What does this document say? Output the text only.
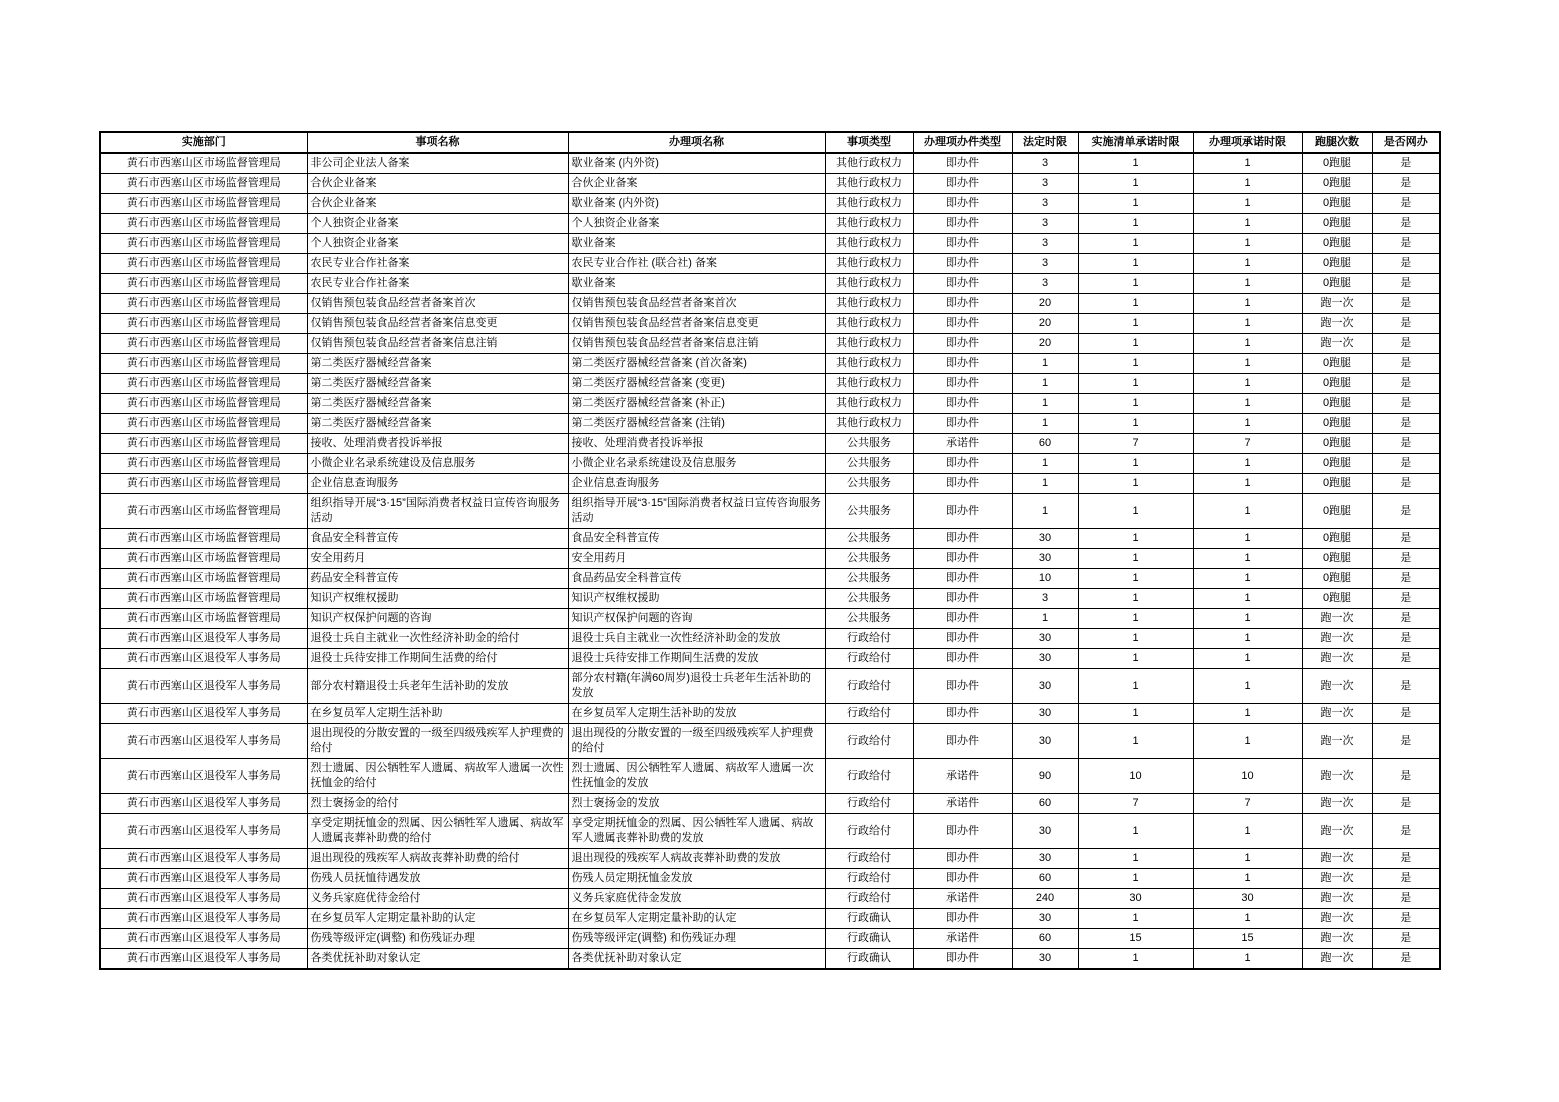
实施部门	事项名称	办理项名称	事项类型	办理项办件类型	法定时限	实施清单承诺时限	办理项承诺时限	跑腿次数	是否网办
黄石市西塞山区市场监督管理局	非公司企业法人备案	歇业备案 (内外资)	其他行政权力	即办件	3	1	1	0跑腿	是
黄石市西塞山区市场监督管理局	合伙企业备案	合伙企业备案	其他行政权力	即办件	3	1	1	0跑腿	是
黄石市西塞山区市场监督管理局	合伙企业备案	歇业备案 (内外资)	其他行政权力	即办件	3	1	1	0跑腿	是
黄石市西塞山区市场监督管理局	个人独资企业备案	个人独资企业备案	其他行政权力	即办件	3	1	1	0跑腿	是
黄石市西塞山区市场监督管理局	个人独资企业备案	歇业备案	其他行政权力	即办件	3	1	1	0跑腿	是
黄石市西塞山区市场监督管理局	农民专业合作社备案	农民专业合作社 (联合社) 备案	其他行政权力	即办件	3	1	1	0跑腿	是
黄石市西塞山区市场监督管理局	农民专业合作社备案	歇业备案	其他行政权力	即办件	3	1	1	0跑腿	是
黄石市西塞山区市场监督管理局	仅销售预包装食品经营者备案首次	仅销售预包装食品经营者备案首次	其他行政权力	即办件	20	1	1	跑一次	是
黄石市西塞山区市场监督管理局	仅销售预包装食品经营者备案信息变更	仅销售预包装食品经营者备案信息变更	其他行政权力	即办件	20	1	1	跑一次	是
黄石市西塞山区市场监督管理局	仅销售预包装食品经营者备案信息注销	仅销售预包装食品经营者备案信息注销	其他行政权力	即办件	20	1	1	跑一次	是
黄石市西塞山区市场监督管理局	第二类医疗器械经营备案	第二类医疗器械经营备案 (首次备案)	其他行政权力	即办件	1	1	1	0跑腿	是
黄石市西塞山区市场监督管理局	第二类医疗器械经营备案	第二类医疗器械经营备案 (变更)	其他行政权力	即办件	1	1	1	0跑腿	是
黄石市西塞山区市场监督管理局	第二类医疗器械经营备案	第二类医疗器械经营备案 (补正)	其他行政权力	即办件	1	1	1	0跑腿	是
黄石市西塞山区市场监督管理局	第二类医疗器械经营备案	第二类医疗器械经营备案 (注销)	其他行政权力	即办件	1	1	1	0跑腿	是
黄石市西塞山区市场监督管理局	接收、处理消费者投诉举报	接收、处理消费者投诉举报	公共服务	承诺件	60	7	7	0跑腿	是
黄石市西塞山区市场监督管理局	小微企业名录系统建设及信息服务	小微企业名录系统建设及信息服务	公共服务	即办件	1	1	1	0跑腿	是
黄石市西塞山区市场监督管理局	企业信息查询服务	企业信息查询服务	公共服务	即办件	1	1	1	0跑腿	是
黄石市西塞山区市场监督管理局	组织指导开展“3·15”国际消费者权益日宣传咨询服务活动	组织指导开展“3·15”国际消费者权益日宣传咨询服务活动	公共服务	即办件	1	1	1	0跑腿	是
黄石市西塞山区市场监督管理局	食品安全科普宣传	食品安全科普宣传	公共服务	即办件	30	1	1	0跑腿	是
黄石市西塞山区市场监督管理局	安全用药月	安全用药月	公共服务	即办件	30	1	1	0跑腿	是
黄石市西塞山区市场监督管理局	药品安全科普宣传	食品药品安全科普宣传	公共服务	即办件	10	1	1	0跑腿	是
黄石市西塞山区市场监督管理局	知识产权维权援助	知识产权维权援助	公共服务	即办件	3	1	1	0跑腿	是
黄石市西塞山区市场监督管理局	知识产权保护问题的咨询	知识产权保护问题的咨询	公共服务	即办件	1	1	1	跑一次	是
黄石市西塞山区退役军人事务局	退役士兵自主就业一次性经济补助金的给付	退役士兵自主就业一次性经济补助金的发放	行政给付	即办件	30	1	1	跑一次	是
黄石市西塞山区退役军人事务局	退役士兵待安排工作期间生活费的给付	退役士兵待安排工作期间生活费的发放	行政给付	即办件	30	1	1	跑一次	是
黄石市西塞山区退役军人事务局	部分农村籍退役士兵老年生活补助的发放	部分农村籍(年满60周岁)退役士兵老年生活补助的发放	行政给付	即办件	30	1	1	跑一次	是
黄石市西塞山区退役军人事务局	在乡复员军人定期生活补助	在乡复员军人定期生活补助的发放	行政给付	即办件	30	1	1	跑一次	是
黄石市西塞山区退役军人事务局	退出现役的分散安置的一级至四级残疾军人护理费的给付	退出现役的分散安置的一级至四级残疾军人护理费的给付	行政给付	即办件	30	1	1	跑一次	是
黄石市西塞山区退役军人事务局	烈士遗属、因公牺牲军人遗属、病故军人遗属一次性抚恤金的给付	烈士遗属、因公牺牲军人遗属、病故军人遗属一次性抚恤金的发放	行政给付	承诺件	90	10	10	跑一次	是
黄石市西塞山区退役军人事务局	烈士褒扬金的给付	烈士褒扬金的发放	行政给付	承诺件	60	7	7	跑一次	是
黄石市西塞山区退役军人事务局	享受定期抚恤金的烈属、因公牺牲军人遗属、病故军人遗属丧葬补助费的给付	享受定期抚恤金的烈属、因公牺牲军人遗属、病故军人遗属丧葬补助费的发放	行政给付	即办件	30	1	1	跑一次	是
黄石市西塞山区退役军人事务局	退出现役的残疾军人病故丧葬补助费的给付	退出现役的残疾军人病故丧葬补助费的发放	行政给付	即办件	30	1	1	跑一次	是
黄石市西塞山区退役军人事务局	伤残人员抚恤待遇发放	伤残人员定期抚恤金发放	行政给付	即办件	60	1	1	跑一次	是
黄石市西塞山区退役军人事务局	义务兵家庭优待金给付	义务兵家庭优待金发放	行政给付	承诺件	240	30	30	跑一次	是
黄石市西塞山区退役军人事务局	在乡复员军人定期定量补助的认定	在乡复员军人定期定量补助的认定	行政确认	即办件	30	1	1	跑一次	是
黄石市西塞山区退役军人事务局	伤残等级评定(调整) 和伤残证办理	伤残等级评定(调整) 和伤残证办理	行政确认	承诺件	60	15	15	跑一次	是
黄石市西塞山区退役军人事务局	各类优抚补助对象认定	各类优抚补助对象认定	行政确认	即办件	30	1	1	跑一次	是
